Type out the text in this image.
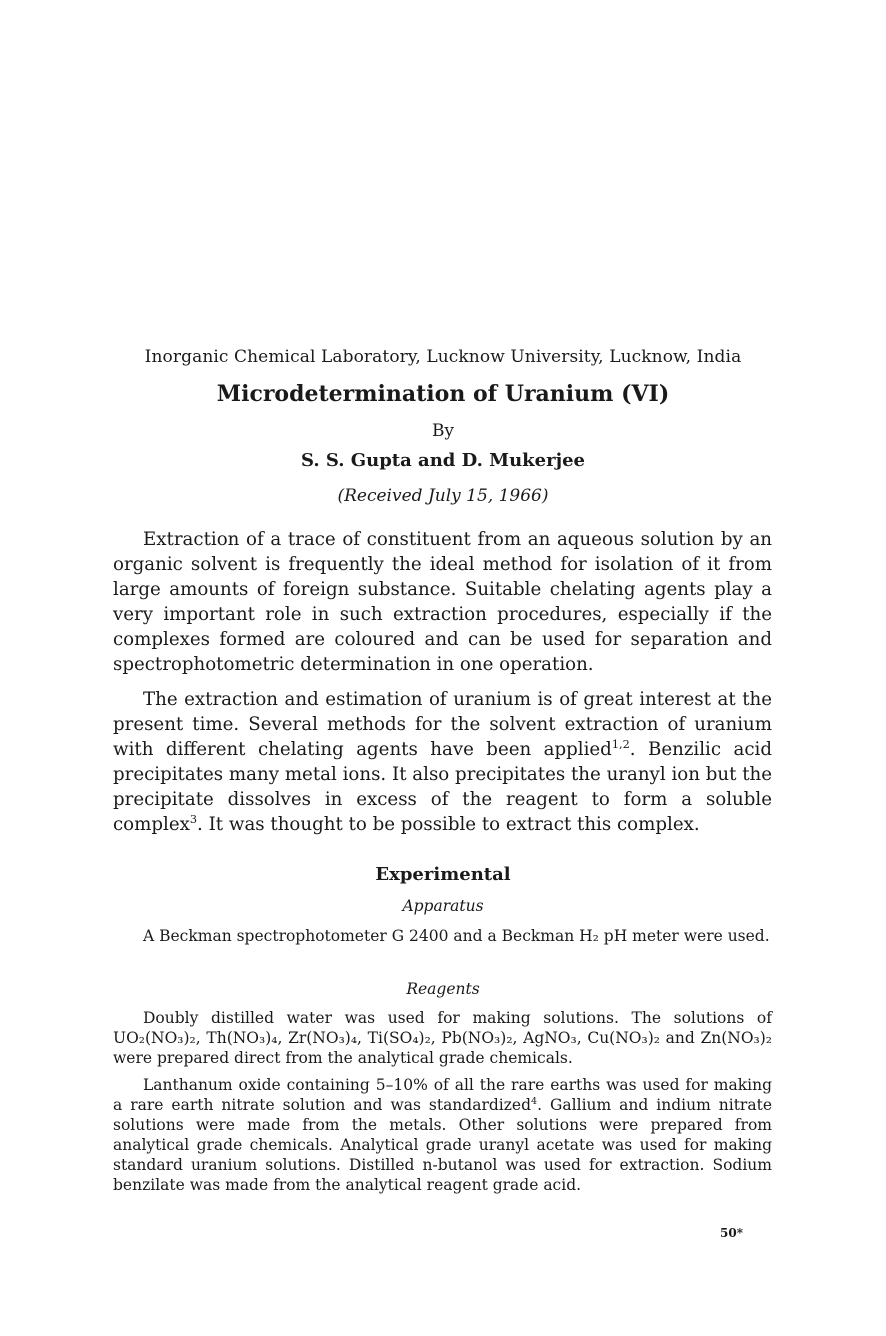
Inorganic Chemical Laboratory, Lucknow University, Lucknow, India
Microdetermination of Uranium (VI)
By
S. S. Gupta and D. Mukerjee
(Received July 15, 1966)

Extraction of a trace of constituent from an aqueous solution by an organic solvent is frequently the ideal method for isolation of it from large amounts of foreign substance. Suitable chelating agents play a very important role in such extraction procedures, especially if the complexes formed are coloured and can be used for separation and spectrophotometric determination in one operation.

The extraction and estimation of uranium is of great interest at the present time. Several methods for the solvent extraction of uranium with different chelating agents have been applied$^{1,2}$. Benzilic acid precipitates many metal ions. It also precipitates the uranyl ion but the precipitate dissolves in excess of the reagent to form a soluble complex$^3$. It was thought to be possible to extract this complex.

Experimental
Apparatus

A Beckman spectrophotometer G 2400 and a Beckman H₂ pH meter were used.

Reagents

Doubly distilled water was used for making solutions. The solutions of UO₂(NO₃)₂, Th(NO₃)₄, Zr(NO₃)₄, Ti(SO₄)₂, Pb(NO₃)₂, AgNO₃, Cu(NO₃)₂ and Zn(NO₃)₂ were prepared direct from the analytical grade chemicals.

Lanthanum oxide containing 5–10% of all the rare earths was used for making a rare earth nitrate solution and was standardized$^4$. Gallium and indium nitrate solutions were made from the metals. Other solutions were prepared from analytical grade chemicals. Analytical grade uranyl acetate was used for making standard uranium solutions. Distilled n-butanol was used for extraction. Sodium benzilate was made from the analytical reagent grade acid.

50*
